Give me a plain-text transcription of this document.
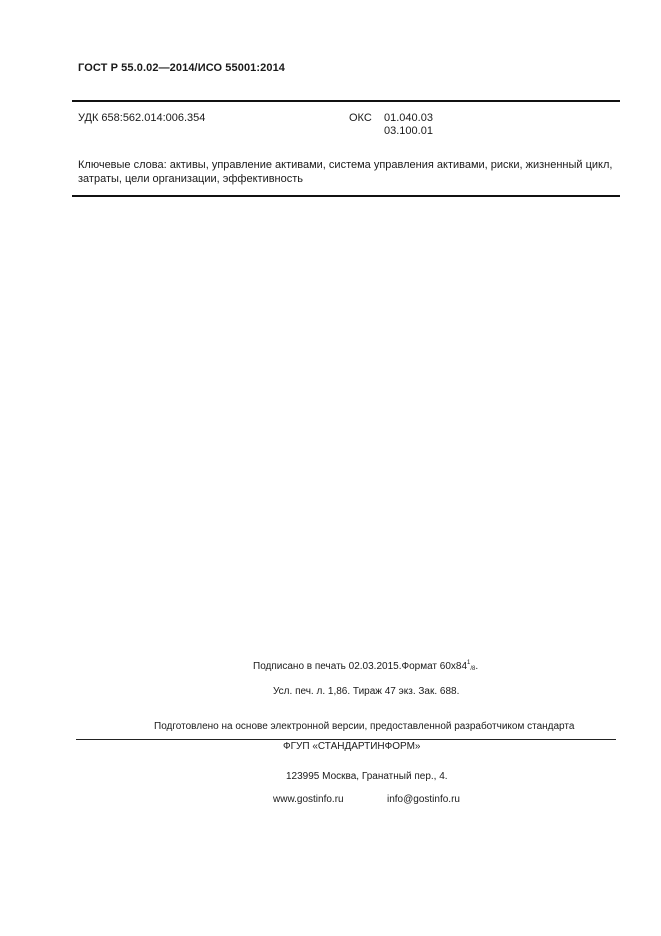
ГОСТ Р 55.0.02—2014/ИСО 55001:2014
УДК 658:562.014:006.354	ОКС 01.040.03
03.100.01
Ключевые слова: активы, управление активами, система управления активами, риски, жизненный цикл, затраты, цели организации, эффективность
Подписано в печать 02.03.2015.Формат $60x84^1/8$.
Усл. печ. л. 1,86. Тираж 47 экз. Зак. 688.
Подготовлено на основе электронной версии, предоставленной разработчиком стандарта
ФГУП «СТАНДАРТИНФОРМ»
123995 Москва, Гранатный пер., 4.
www.gostinfo.ru	info@gostinfo.ru
